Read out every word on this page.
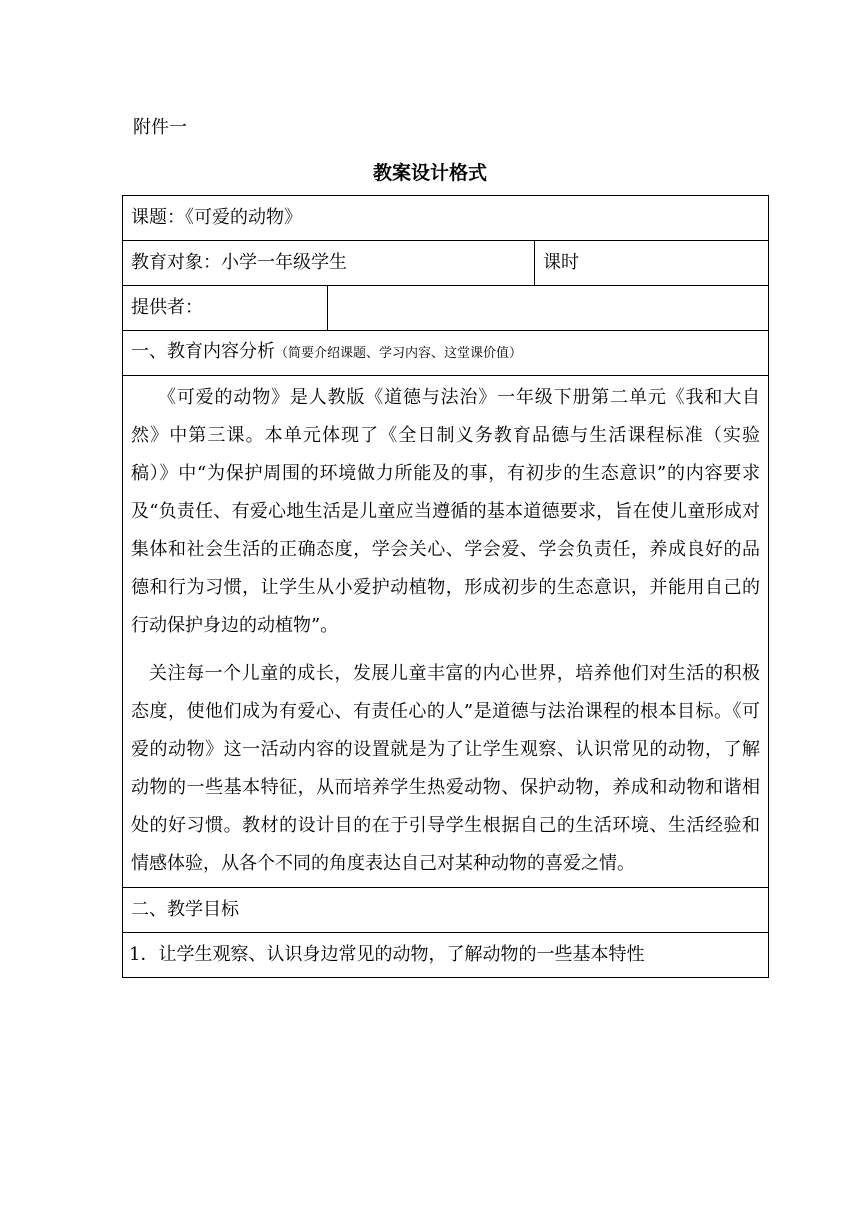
附件一
教案设计格式
课题：《可爱的动物》		
教育对象：小学一年级学生		课时
提供者：		
一、教育内容分析（简要介绍课题、学习内容、这堂课价值）		

《可爱的动物》是人教版《道德与法治》一年级下册第二单元《我和大自然》中第三课。本单元体现了《全日制义务教育品德与生活课程标准（实验稿）》中“为保护周围的环境做力所能及的事，有初步的生态意识”的内容要求及“负责任、有爱心地生活是儿童应当遵循的基本道德要求，旨在使儿童形成对集体和社会生活的正确态度，学会关心、学会爱、学会负责任，养成良好的品德和行为习惯，让学生从小爱护动植物，形成初步的生态意识，并能用自己的行动保护身边的动植物”。

关注每一个儿童的成长，发展儿童丰富的内心世界，培养他们对生活的积极态度，使他们成为有爱心、有责任心的人”是道德与法治课程的根本目标。《可爱的动物》这一活动内容的设置就是为了让学生观察、认识常见的动物，了解动物的一些基本特征，从而培养学生热爱动物、保护动物，养成和动物和谐相处的好习惯。教材的设计目的在于引导学生根据自己的生活环境、生活经验和情感体验，从各个不同的角度表达自己对某种动物的喜爱之情。		

二、教学目标		
1．让学生观察、认识身边常见的动物，了解动物的一些基本特性		
